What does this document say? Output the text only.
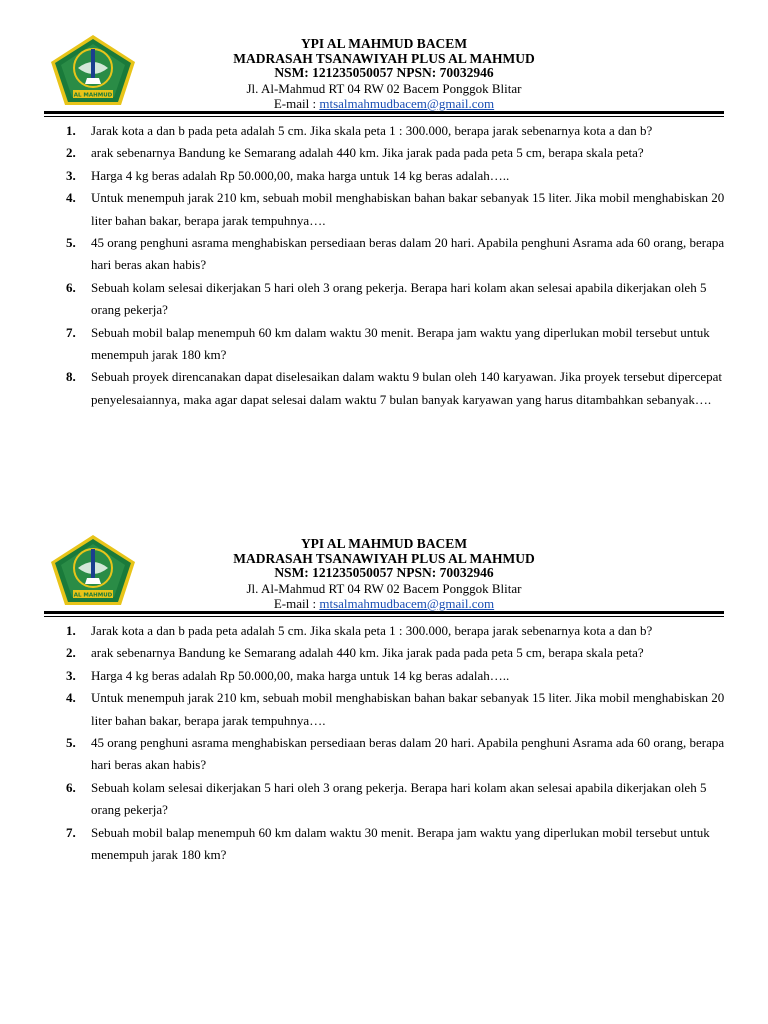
AL MAHMUD
YPI AL MAHMUD BACEM
MADRASAH TSANAWIYAH PLUS AL MAHMUD
NSM: 121235050057 NPSN: 70032946
Jl. Al-Mahmud RT 04 RW 02 Bacem Ponggok Blitar
E-mail : mtsalmahmudbacem@gmail.com
1. Jarak kota a dan b pada peta adalah 5 cm. Jika skala peta 1 : 300.000, berapa jarak sebenarnya kota a dan b?
2. arak sebenarnya Bandung ke Semarang adalah 440 km. Jika jarak pada pada peta 5 cm, berapa skala peta?
3. Harga 4 kg beras adalah Rp 50.000,00, maka harga untuk 14 kg beras adalah…..
4. Untuk menempuh jarak 210 km, sebuah mobil menghabiskan bahan bakar sebanyak 15 liter. Jika mobil menghabiskan 20 liter bahan bakar, berapa jarak tempuhnya….
5. 45 orang penghuni asrama menghabiskan persediaan beras dalam 20 hari. Apabila penghuni Asrama ada 60 orang, berapa hari beras akan habis?
6. Sebuah kolam selesai dikerjakan 5 hari oleh 3 orang pekerja. Berapa hari kolam akan selesai apabila dikerjakan oleh 5 orang pekerja?
7. Sebuah mobil balap menempuh 60 km dalam waktu 30 menit. Berapa jam waktu yang diperlukan mobil tersebut untuk menempuh jarak 180 km?
8. Sebuah proyek direncanakan dapat diselesaikan dalam waktu 9 bulan oleh 140 karyawan. Jika proyek tersebut dipercepat penyelesaiannya, maka agar dapat selesai dalam waktu 7 bulan banyak karyawan yang harus ditambahkan sebanyak….
AL MAHMUD
YPI AL MAHMUD BACEM
MADRASAH TSANAWIYAH PLUS AL MAHMUD
NSM: 121235050057 NPSN: 70032946
Jl. Al-Mahmud RT 04 RW 02 Bacem Ponggok Blitar
E-mail : mtsalmahmudbacem@gmail.com
1. Jarak kota a dan b pada peta adalah 5 cm. Jika skala peta 1 : 300.000, berapa jarak sebenarnya kota a dan b?
2. arak sebenarnya Bandung ke Semarang adalah 440 km. Jika jarak pada pada peta 5 cm, berapa skala peta?
3. Harga 4 kg beras adalah Rp 50.000,00, maka harga untuk 14 kg beras adalah…..
4. Untuk menempuh jarak 210 km, sebuah mobil menghabiskan bahan bakar sebanyak 15 liter. Jika mobil menghabiskan 20 liter bahan bakar, berapa jarak tempuhnya….
5. 45 orang penghuni asrama menghabiskan persediaan beras dalam 20 hari. Apabila penghuni Asrama ada 60 orang, berapa hari beras akan habis?
6. Sebuah kolam selesai dikerjakan 5 hari oleh 3 orang pekerja. Berapa hari kolam akan selesai apabila dikerjakan oleh 5 orang pekerja?
7. Sebuah mobil balap menempuh 60 km dalam waktu 30 menit. Berapa jam waktu yang diperlukan mobil tersebut untuk menempuh jarak 180 km?
